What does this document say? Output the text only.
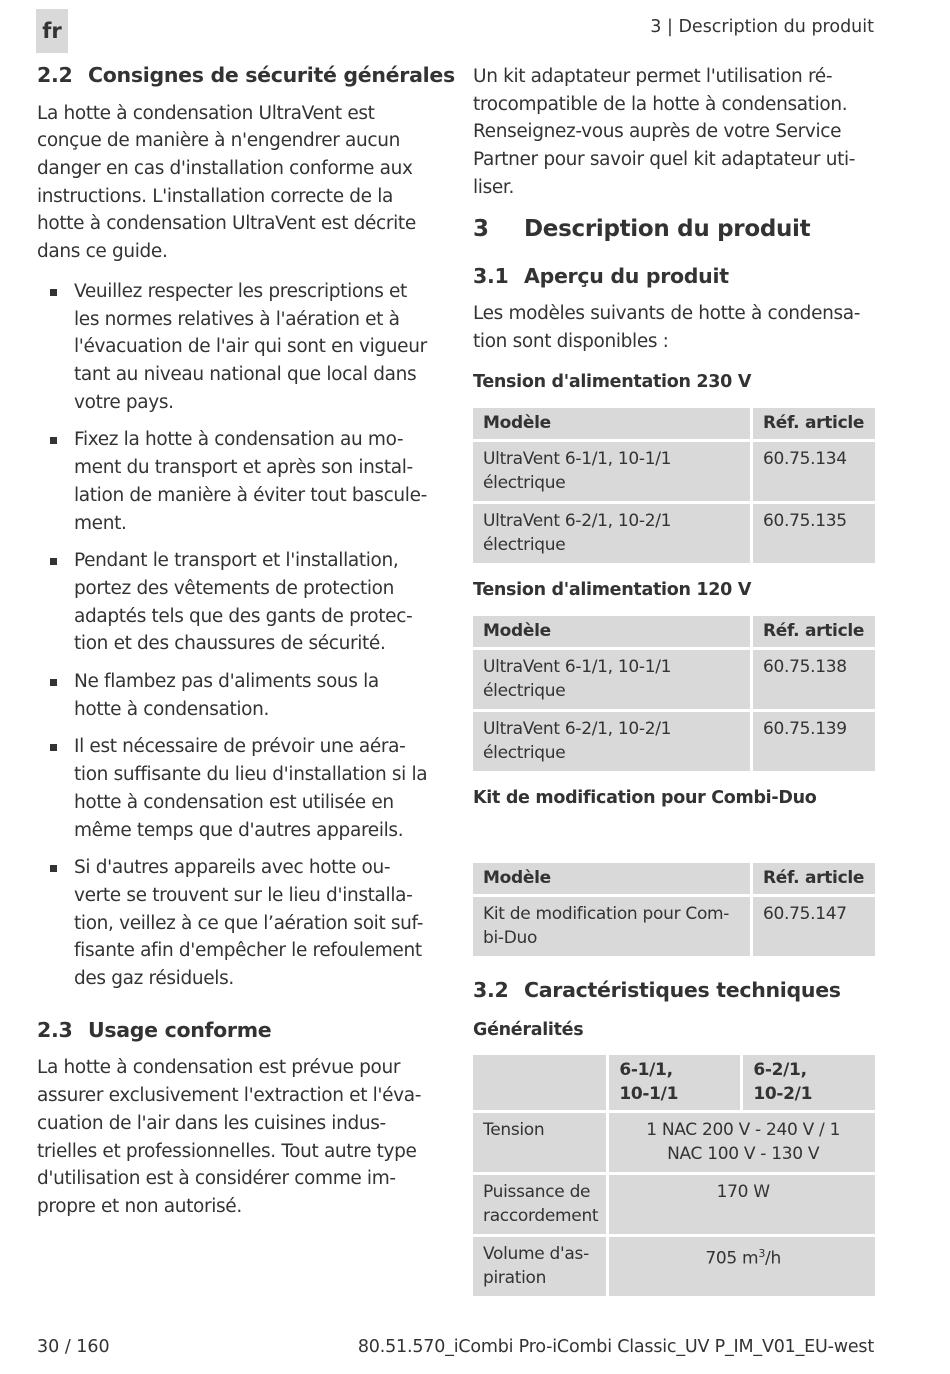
fr	3 | Description du produit
2.2 Consignes de sécurité générales

La hotte à condensation UltraVent est
conçue de manière à n'engendrer aucun
danger en cas d'installation conforme aux
instructions. L'installation correcte de la
hotte à condensation UltraVent est décrite
dans ce guide.

Veuillez respecter les prescriptions et
les normes relatives à l'aération et à
l'évacuation de l'air qui sont en vigueur
tant au niveau national que local dans
votre pays.
Fixez la hotte à condensation au mo-
ment du transport et après son instal-
lation de manière à éviter tout bascule-
ment.
Pendant le transport et l'installation,
portez des vêtements de protection
adaptés tels que des gants de protec-
tion et des chaussures de sécurité.
Ne flambez pas d'aliments sous la
hotte à condensation.
Il est nécessaire de prévoir une aéra-
tion suffisante du lieu d'installation si la
hotte à condensation est utilisée en
même temps que d'autres appareils.
Si d'autres appareils avec hotte ou-
verte se trouvent sur le lieu d'installa-
tion, veillez à ce que l’aération soit suf-
fisante afin d'empêcher le refoulement
des gaz résiduels.
2.3 Usage conforme

La hotte à condensation est prévue pour
assurer exclusivement l'extraction et l'éva-
cuation de l'air dans les cuisines indus-
trielles et professionnelles. Tout autre type
d'utilisation est à considérer comme im-
propre et non autorisé.

Un kit adaptateur permet l'utilisation ré-
trocompatible de la hotte à condensation.
Renseignez-vous auprès de votre Service
Partner pour savoir quel kit adaptateur uti-
liser.

3 Description du produit
3.1 Aperçu du produit

Les modèles suivants de hotte à condensa-
tion sont disponibles :

Tension d'alimentation 230 V
Modèle	Réf. article
UltraVent 6-1/1, 10-1/1
électrique	60.75.134
UltraVent 6-2/1, 10-2/1
électrique	60.75.135
Tension d'alimentation 120 V
Modèle	Réf. article
UltraVent 6-1/1, 10-1/1
électrique	60.75.138
UltraVent 6-2/1, 10-2/1
électrique	60.75.139
Kit de modification pour Combi-Duo
Modèle	Réf. article
Kit de modification pour Com-
bi-Duo	60.75.147
3.2 Caractéristiques techniques
Généralités
	6-1/1,
10-1/1	6-2/1,
10-2/1
Tension	1 NAC 200 V - 240 V / 1
NAC 100 V - 130 V	
Puissance de
raccordement	170 W	
Volume d'as-
piration	705 $m^3/h$	
30 / 160	80.51.570_iCombi Pro-iCombi Classic_UV P_IM_V01_EU-west
